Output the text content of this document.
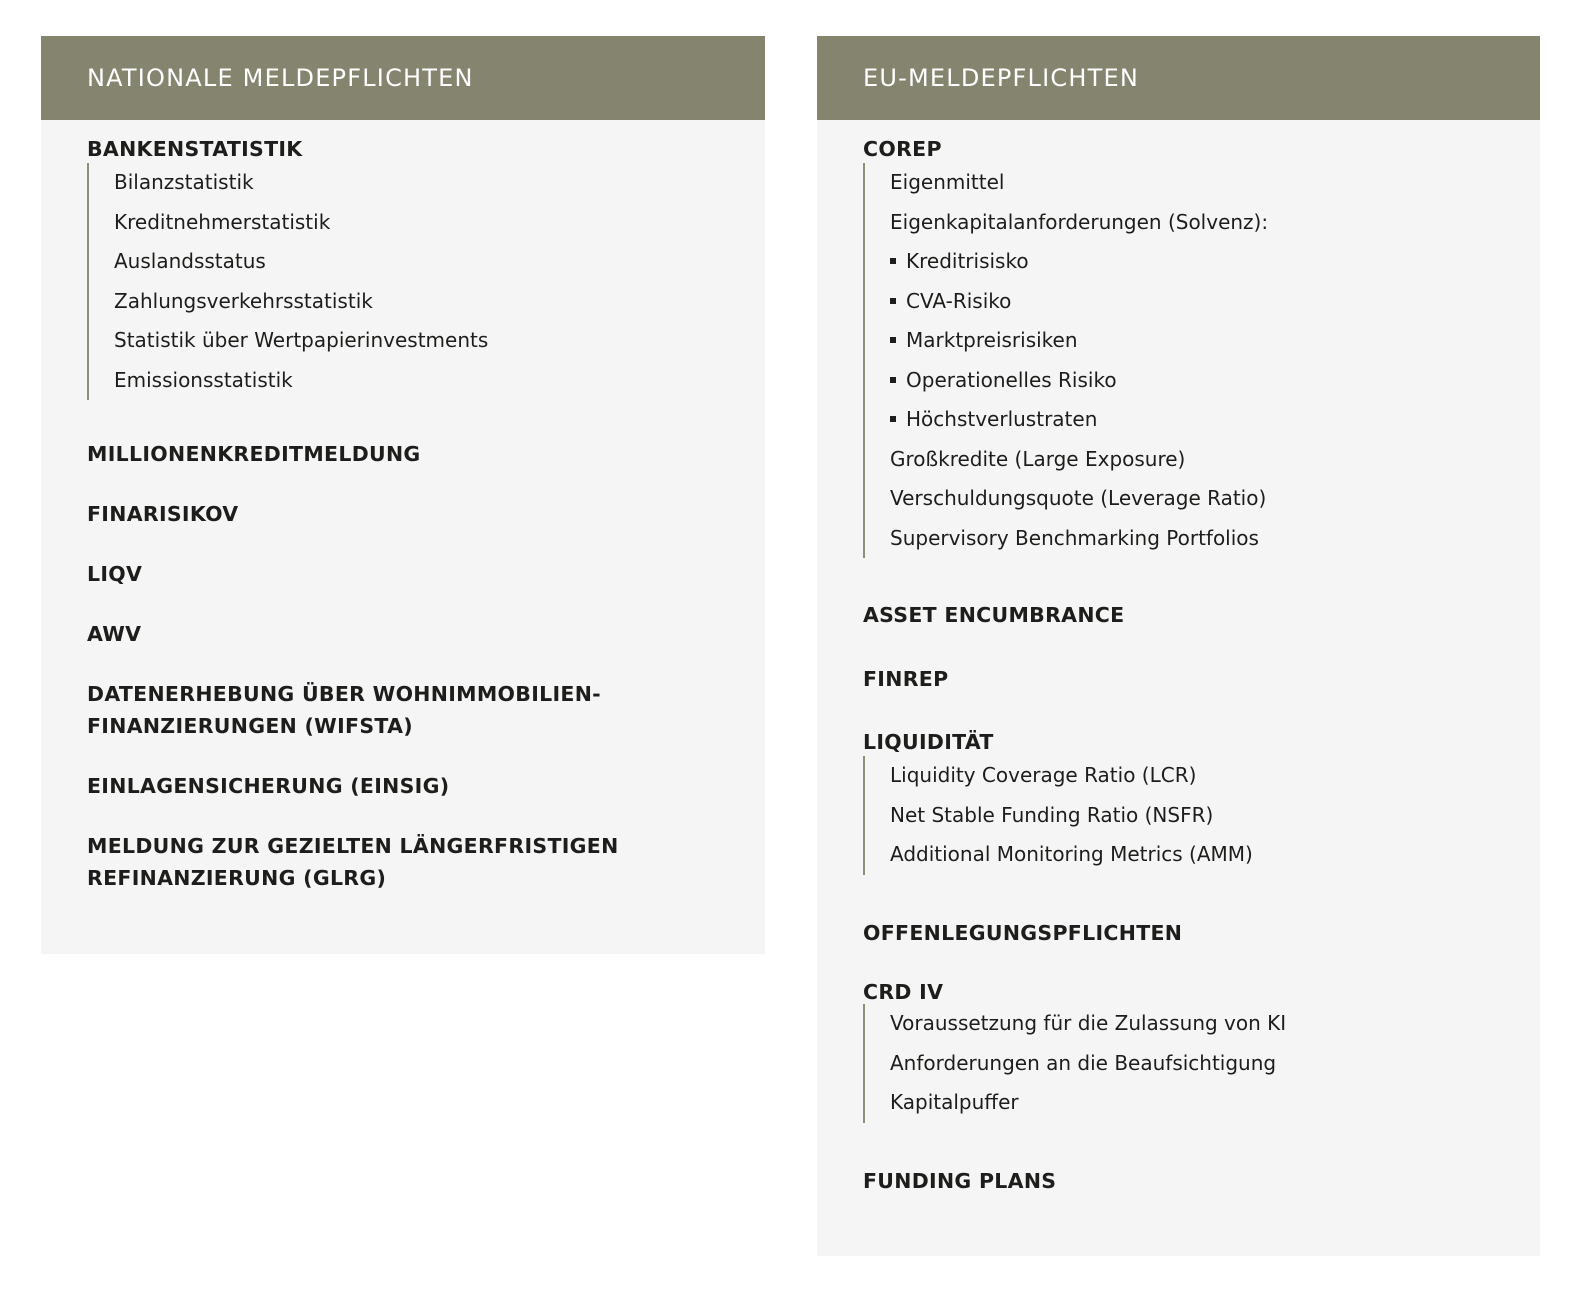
NATIONALE MELDEPFLICHTEN
BANKENSTATISTIK
Bilanzstatistik
Kreditnehmerstatistik
Auslandsstatus
Zahlungsverkehrsstatistik
Statistik über Wertpapierinvestments
Emissionsstatistik
MILLIONENKREDITMELDUNG
FINARISIKOV
LIQV
AWV
DATENERHEBUNG ÜBER WOHNIMMOBILIEN-
FINANZIERUNGEN (WIFSTA)
EINLAGENSICHERUNG (EINSIG)
MELDUNG ZUR GEZIELTEN LÄNGERFRISTIGEN
REFINANZIERUNG (GLRG)
EU-MELDEPFLICHTEN
COREP
Eigenmittel
Eigenkapitalanforderungen (Solvenz):
Kreditrisisko
CVA-Risiko
Marktpreisrisiken
Operationelles Risiko
Höchstverlustraten
Großkredite (Large Exposure)
Verschuldungsquote (Leverage Ratio)
Supervisory Benchmarking Portfolios
ASSET ENCUMBRANCE
FINREP
LIQUIDITÄT
Liquidity Coverage Ratio (LCR)
Net Stable Funding Ratio (NSFR)
Additional Monitoring Metrics (AMM)
OFFENLEGUNGSPFLICHTEN
CRD IV
Voraussetzung für die Zulassung von KI
Anforderungen an die Beaufsichtigung
Kapitalpuffer
FUNDING PLANS
